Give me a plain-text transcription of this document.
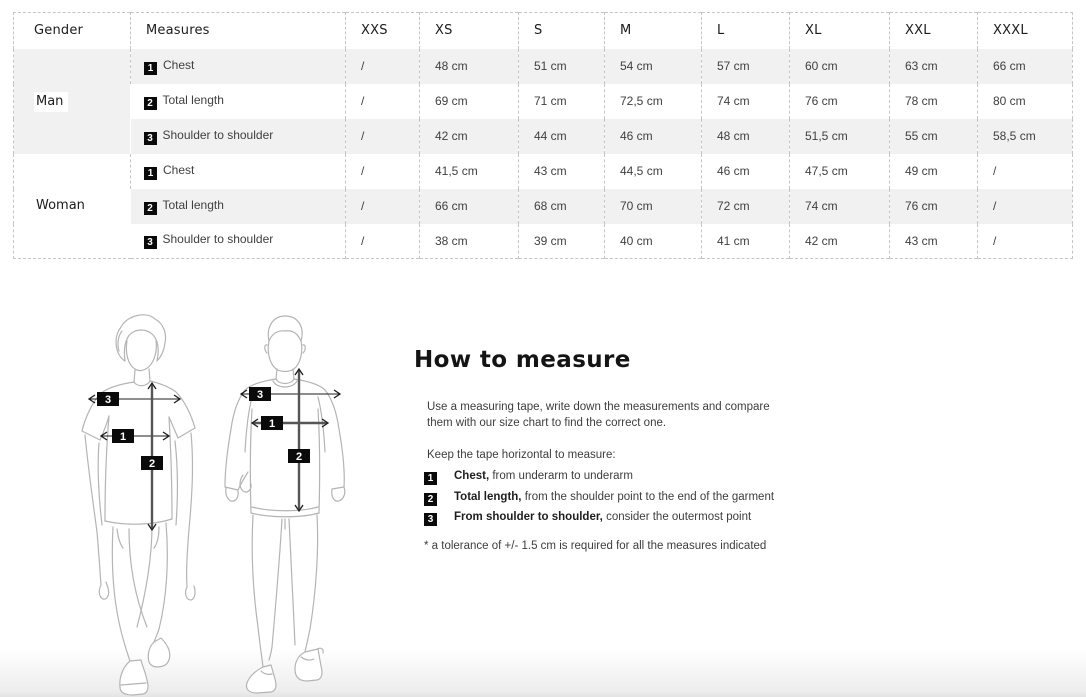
Gender	Measures	XXS	XS	S	M	L	XL	XXL	XXXL
Man	1 Chest	/	48 cm	51 cm	54 cm	57 cm	60 cm	63 cm	66 cm
	2 Total length	/	69 cm	71 cm	72,5 cm	74 cm	76 cm	78 cm	80 cm
	3 Shoulder to shoulder	/	42 cm	44 cm	46 cm	48 cm	51,5 cm	55 cm	58,5 cm
Woman	1 Chest	/	41,5 cm	43 cm	44,5 cm	46 cm	47,5 cm	49 cm	/
	2 Total length	/	66 cm	68 cm	70 cm	72 cm	74 cm	76 cm	/
	3 Shoulder to shoulder	/	38 cm	39 cm	40 cm	41 cm	42 cm	43 cm	/
3
1
2
3
1
2
How to measure

Use a measuring tape, write down the measurements and compare them with our size chart to find the correct one.

Keep the tape horizontal to measure:

1 Chest, from underarm to underarm
2 Total length, from the shoulder point to the end of the garment
3 From shoulder to shoulder, consider the outermost point

* a tolerance of +/- 1.5 cm is required for all the measures indicated
